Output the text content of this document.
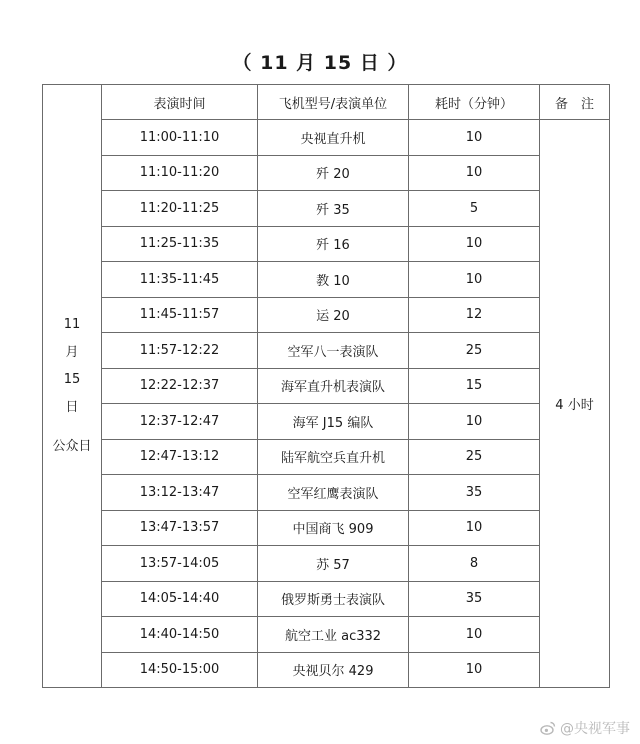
（ 11 月 15 日 ）
11
月
15
日
公众日	表演时间	飞机型号/表演单位	耗时（分钟）	备　注
	11:00-11:10	央视直升机	10	4 小时
	11:10-11:20	歼 20	10	
	11:20-11:25	歼 35	5	
	11:25-11:35	歼 16	10	
	11:35-11:45	教 10	10	
	11:45-11:57	运 20	12	
	11:57-12:22	空军八一表演队	25	
	12:22-12:37	海军直升机表演队	15	
	12:37-12:47	海军 J15 编队	10	
	12:47-13:12	陆军航空兵直升机	25	
	13:12-13:47	空军红鹰表演队	35	
	13:47-13:57	中国商飞 909	10	
	13:57-14:05	苏 57	8	
	14:05-14:40	俄罗斯勇士表演队	35	
	14:40-14:50	航空工业 ac332	10	
	14:50-15:00	央视贝尔 429	10	
@央视军事
